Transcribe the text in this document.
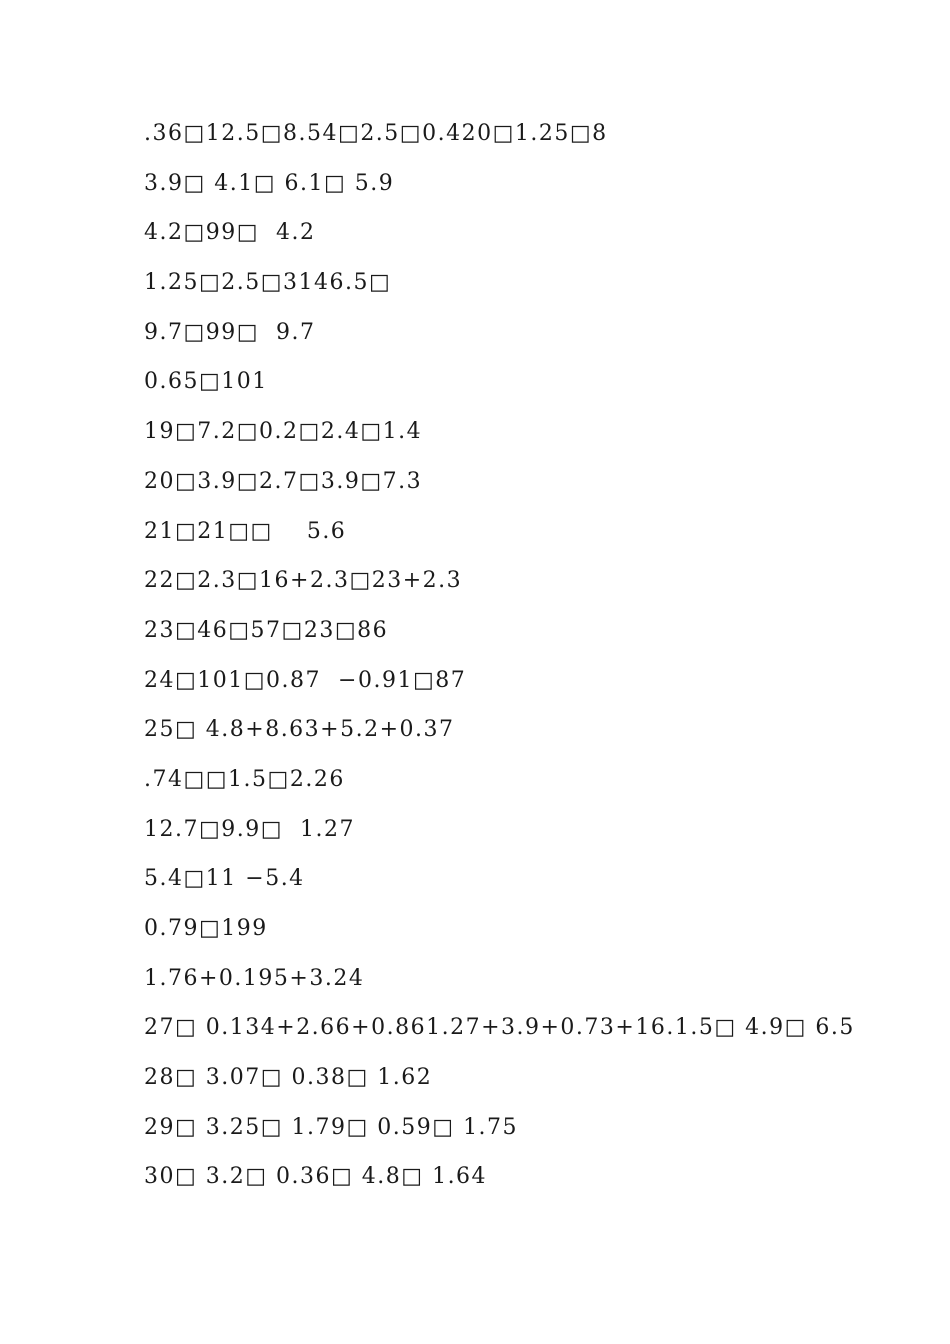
.36□12.5□8.54□2.5□0.420□1.25□8
3.9□ 4.1□ 6.1□ 5.9
4.2□99□  4.2
1.25□2.5□3146.5□
9.7□99□  9.7
0.65□101
19□7.2□0.2□2.4□1.4
20□3.9□2.7□3.9□7.3
21□21□□    5.6
22□2.3□16+2.3□23+2.3
23□46□57□23□86
24□101□0.87  −0.91□87
25□ 4.8+8.63+5.2+0.37
.74□□1.5□2.26
12.7□9.9□  1.27
5.4□11 −5.4
0.79□199
1.76+0.195+3.24
27□ 0.134+2.66+0.861.27+3.9+0.73+16.1.5□ 4.9□ 6.5
28□ 3.07□ 0.38□ 1.62
29□ 3.25□ 1.79□ 0.59□ 1.75
30□ 3.2□ 0.36□ 4.8□ 1.64
